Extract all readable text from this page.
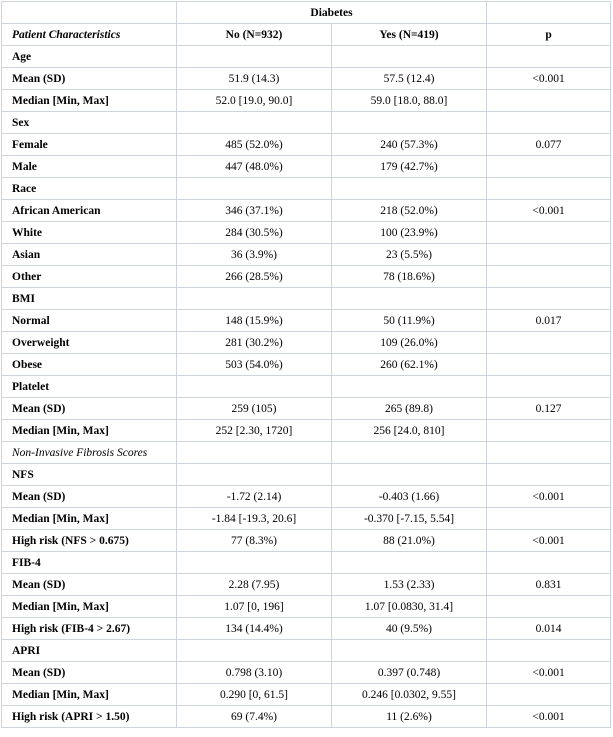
	Diabetes		
Patient Characteristics	No (N=932)	Yes (N=419)	p
Age			
Mean (SD)	51.9 (14.3)	57.5 (12.4)	<0.001
Median [Min, Max]	52.0 [19.0, 90.0]	59.0 [18.0, 88.0]	
Sex			
Female	485 (52.0%)	240 (57.3%)	0.077
Male	447 (48.0%)	179 (42.7%)	
Race			
African American	346 (37.1%)	218 (52.0%)	<0.001
White	284 (30.5%)	100 (23.9%)	
Asian	36 (3.9%)	23 (5.5%)	
Other	266 (28.5%)	78 (18.6%)	
BMI			
Normal	148 (15.9%)	50 (11.9%)	0.017
Overweight	281 (30.2%)	109 (26.0%)	
Obese	503 (54.0%)	260 (62.1%)	
Platelet			
Mean (SD)	259 (105)	265 (89.8)	0.127
Median [Min, Max]	252 [2.30, 1720]	256 [24.0, 810]	
Non-Invasive Fibrosis Scores			
NFS			
Mean (SD)	-1.72 (2.14)	-0.403 (1.66)	<0.001
Median [Min, Max]	-1.84 [-19.3, 20.6]	-0.370 [-7.15, 5.54]	
High risk (NFS > 0.675)	77 (8.3%)	88 (21.0%)	<0.001
FIB-4			
Mean (SD)	2.28 (7.95)	1.53 (2.33)	0.831
Median [Min, Max]	1.07 [0, 196]	1.07 [0.0830, 31.4]	
High risk (FIB-4 > 2.67)	134 (14.4%)	40 (9.5%)	0.014
APRI			
Mean (SD)	0.798 (3.10)	0.397 (0.748)	<0.001
Median [Min, Max]	0.290 [0, 61.5]	0.246 [0.0302, 9.55]	
High risk (APRI > 1.50)	69 (7.4%)	11 (2.6%)	<0.001
